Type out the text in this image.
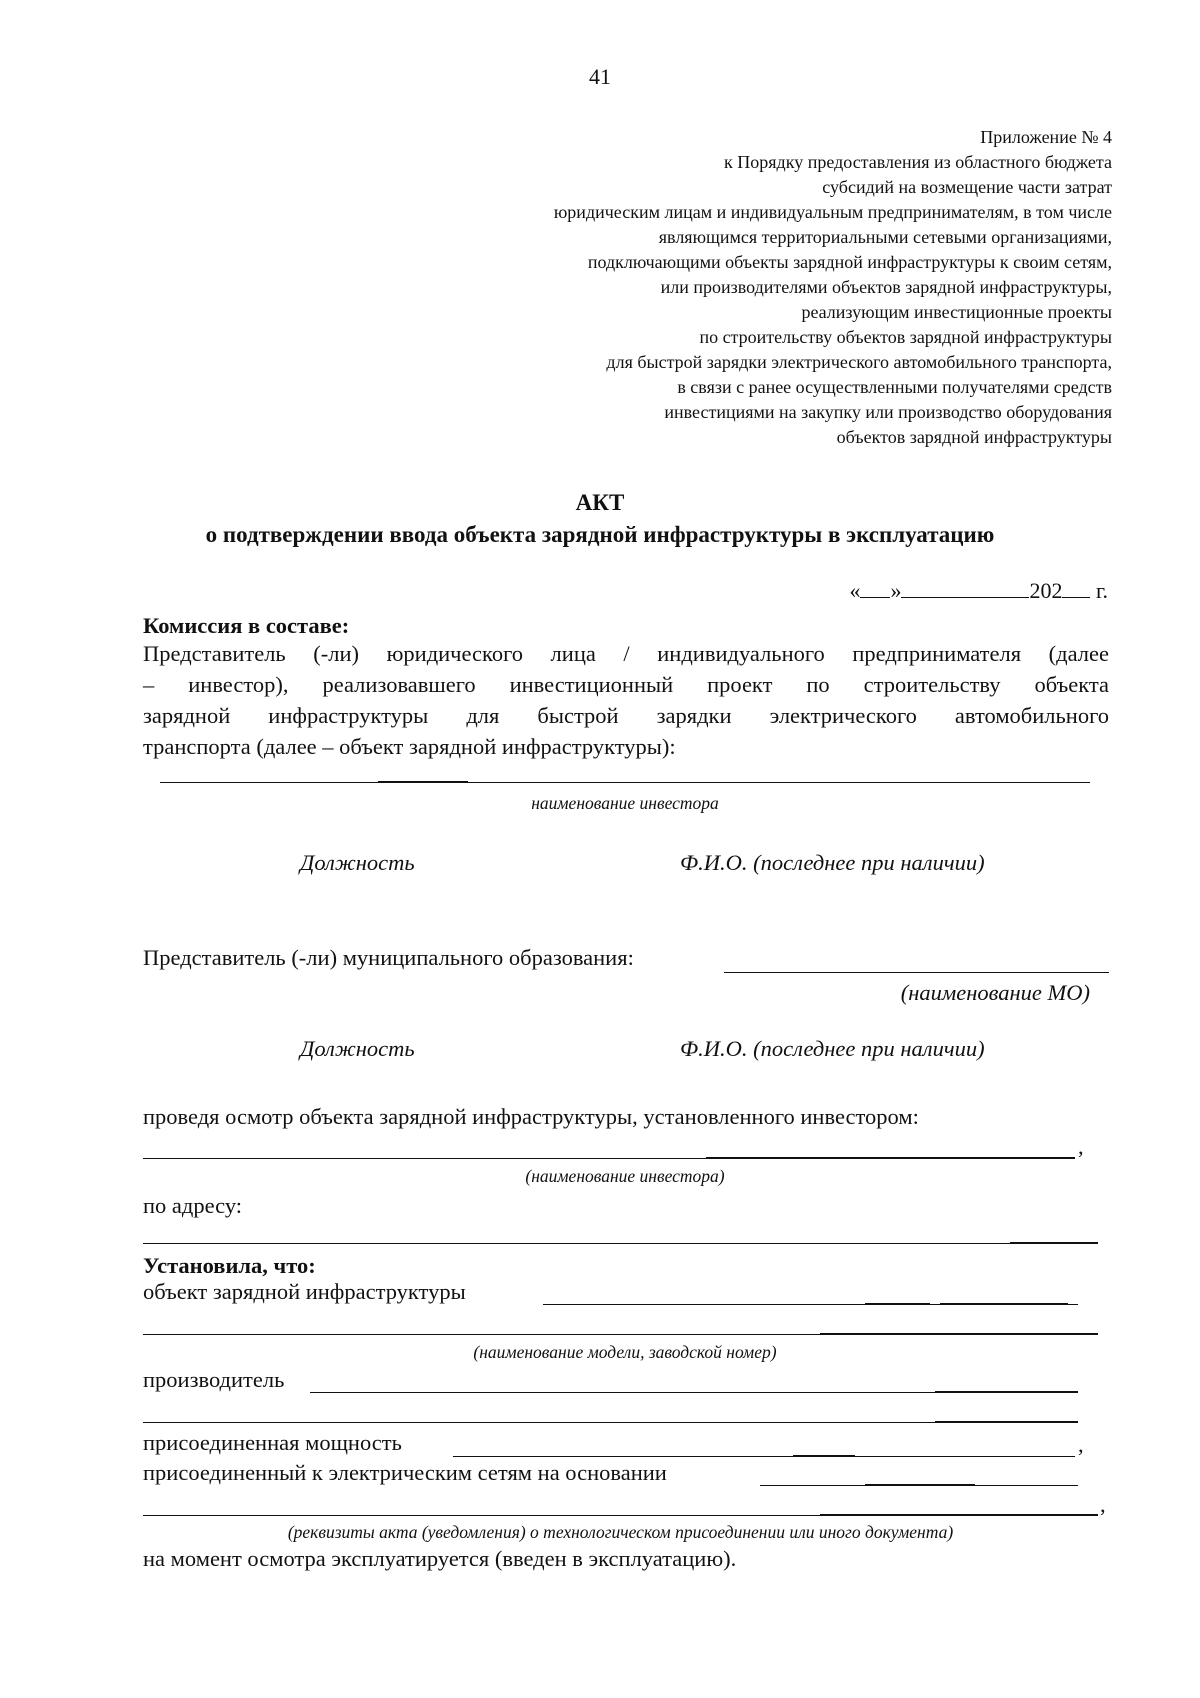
41
Приложение № 4
к Порядку предоставления из областного бюджета
субсидий на возмещение части затрат
юридическим лицам и индивидуальным предпринимателям, в том числе
являющимся территориальными сетевыми организациями,
подключающими объекты зарядной инфраструктуры к своим сетям,
или производителями объектов зарядной инфраструктуры,
реализующим инвестиционные проекты
по строительству объектов зарядной инфраструктуры
для быстрой зарядки электрического автомобильного транспорта,
в связи с ранее осуществленными получателями средств
инвестициями на закупку или производство оборудования
объектов зарядной инфраструктуры
АКТ
о подтверждении ввода объекта зарядной инфраструктуры в эксплуатацию
« »	202 г.
Комиссия в составе:
Представитель (-ли) юридического лица / индивидуального предпринимателя (далее
– инвестор), реализовавшего инвестиционный проект по строительству объекта
зарядной инфраструктуры для быстрой зарядки электрического автомобильного
транспорта (далее – объект зарядной инфраструктуры):
наименование инвестора
Должность	Ф.И.О. (последнее при наличии)
Представитель (-ли) муниципального образования:
(наименование МО)
Должность	Ф.И.О. (последнее при наличии)
проведя осмотр объекта зарядной инфраструктуры, установленного инвестором:
,
(наименование инвестора)
по адресу:
Установила, что:
объект зарядной инфраструктуры
(наименование модели, заводской номер)
производитель
присоединенная мощность	,
присоединенный к электрическим сетям на основании
,
(реквизиты акта (уведомления) о технологическом присоединении или иного документа)
на момент осмотра эксплуатируется (введен в эксплуатацию).
